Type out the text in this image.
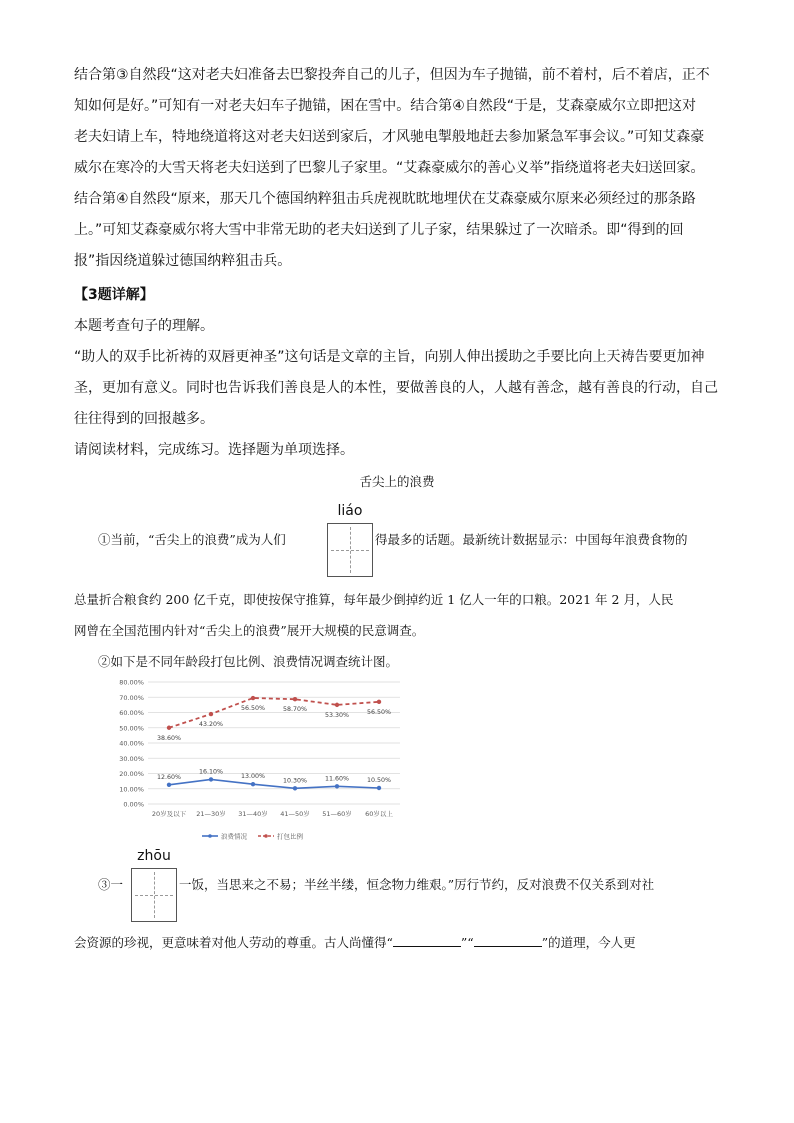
结合第③自然段“这对老夫妇准备去巴黎投奔自己的儿子，但因为车子抛锚，前不着村，后不着店，正不

知如何是好。”可知有一对老夫妇车子抛锚，困在雪中。结合第④自然段“于是，艾森豪威尔立即把这对

老夫妇请上车，特地绕道将这对老夫妇送到家后，才风驰电掣般地赶去参加紧急军事会议。”可知艾森豪

威尔在寒冷的大雪天将老夫妇送到了巴黎儿子家里。“艾森豪威尔的善心义举”指绕道将老夫妇送回家。

结合第④自然段“原来，那天几个德国纳粹狙击兵虎视眈眈地埋伏在艾森豪威尔原来必须经过的那条路

上。”可知艾森豪威尔将大雪中非常无助的老夫妇送到了儿子家，结果躲过了一次暗杀。即“得到的回

报”指因绕道躲过德国纳粹狙击兵。

【3题详解】

本题考查句子的理解。

“助人的双手比祈祷的双唇更神圣”这句话是文章的主旨，向别人伸出援助之手要比向上天祷告要更加神

圣，更加有意义。同时也告诉我们善良是人的本性，要做善良的人，人越有善念，越有善良的行动，自己

往往得到的回报越多。

请阅读材料，完成练习。选择题为单项选择。

舌尖上的浪费
liáo
①当前，“舌尖上的浪费”成为人们	得最多的话题。最新统计数据显示：中国每年浪费食物的
总量折合粮食约 200 亿千克，即使按保守推算，每年最少倒掉约近 1 亿人一年的口粮。2021 年 2 月，人民
网曾在全国范围内针对“舌尖上的浪费”展开大规模的民意调查。
②如下是不同年龄段打包比例、浪费情况调查统计图。
0.00%
10.00%
20.00%
30.00%
40.00%
50.00%
60.00%
70.00%
80.00%
20岁及以下 21—30岁 31—40岁 41—50岁 51—60岁 60岁以上
12.60%
16.10%
13.00%
10.30%	11.60%	10.50%
38.60%
43.20%
56.50%	58.70%
53.30%	56.50%
浪费情况	打包比例
zhōu
③一	一饭，当思来之不易；半丝半缕，恒念物力维艰。”厉行节约，反对浪费不仅关系到对社
会资源的珍视，更意味着对他人劳动的尊重。古人尚懂得“	”“	”的道理，今人更
